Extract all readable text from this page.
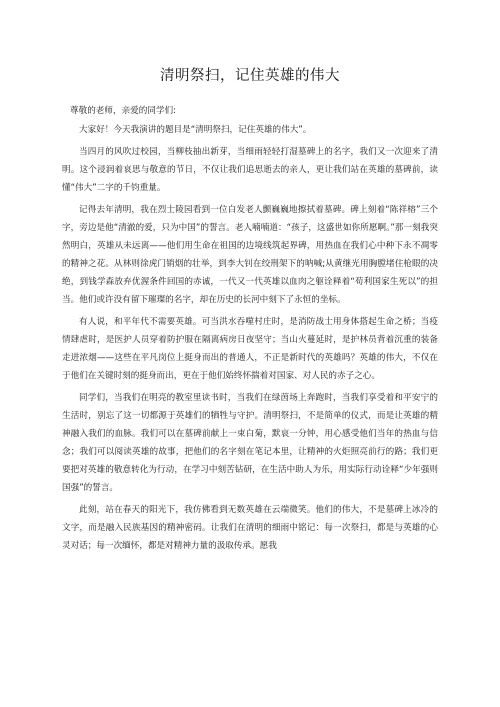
清明祭扫，记住英雄的伟大

尊敬的老师，亲爱的同学们:

大家好！今天我演讲的题目是“清明祭扫，记住英雄的伟大”。

当四月的风吹过校园，当柳枝抽出新芽，当细雨轻轻打湿墓碑上的名字，我们又一次迎来了清明。这个浸润着哀思与敬意的节日，不仅让我们追思逝去的亲人，更让我们站在英雄的墓碑前，读懂“伟大”二字的千钧重量。

记得去年清明，我在烈士陵园看到一位白发老人颤巍巍地擦拭着墓碑。碑上刻着“陈祥榕”三个字，旁边是他“清澈的爱，只为中国”的誓言。老人喃喃道：“孩子，这盛世如你所愿啊。”那一刻我突然明白，英雄从未远离——他们用生命在祖国的边境线筑起界碑，用热血在我们心中种下永不凋零的精神之花。从林则徐虎门销烟的壮举，到李大钊在绞刑架下的呐喊;从黄继光用胸膛堵住枪眼的决绝，到钱学森放弃优渥条件回国的赤诚，一代又一代英雄以血肉之躯诠释着“苟利国家生死以”的担当。他们或许没有留下璀璨的名字，却在历史的长河中刻下了永恒的坐标。

有人说，和平年代不需要英雄。可当洪水吞噬村庄时，是消防战士用身体搭起生命之桥；当疫情肆虐时，是医护人员穿着防护服在隔离病房日夜坚守；当山火蔓延时，是护林员背着沉重的装备走进浓烟——这些在平凡岗位上挺身而出的普通人，不正是新时代的英雄吗？英雄的伟大，不仅在于他们在关键时刻的挺身而出，更在于他们始终怀揣着对国家、对人民的赤子之心。

同学们，当我们在明亮的教室里读书时，当我们在绿茵场上奔跑时，当我们享受着和平安宁的生活时，别忘了这一切都源于英雄们的牺牲与守护。清明祭扫，不是简单的仪式，而是让英雄的精神融入我们的血脉。我们可以在墓碑前献上一束白菊，默哀一分钟，用心感受他们当年的热血与信念；我们可以阅读英雄的故事，把他们的名字刻在笔记本里，让精神的火炬照亮前行的路；我们更要把对英雄的敬意转化为行动，在学习中刻苦钻研，在生活中助人为乐，用实际行动诠释“少年强则国强”的誓言。

此刻，站在春天的阳光下，我仿佛看到无数英雄在云端微笑。他们的伟大，不是墓碑上冰冷的文字，而是融入民族基因的精神密码。让我们在清明的细雨中铭记：每一次祭扫，都是与英雄的心灵对话；每一次缅怀，都是对精神力量的汲取传承。愿我
